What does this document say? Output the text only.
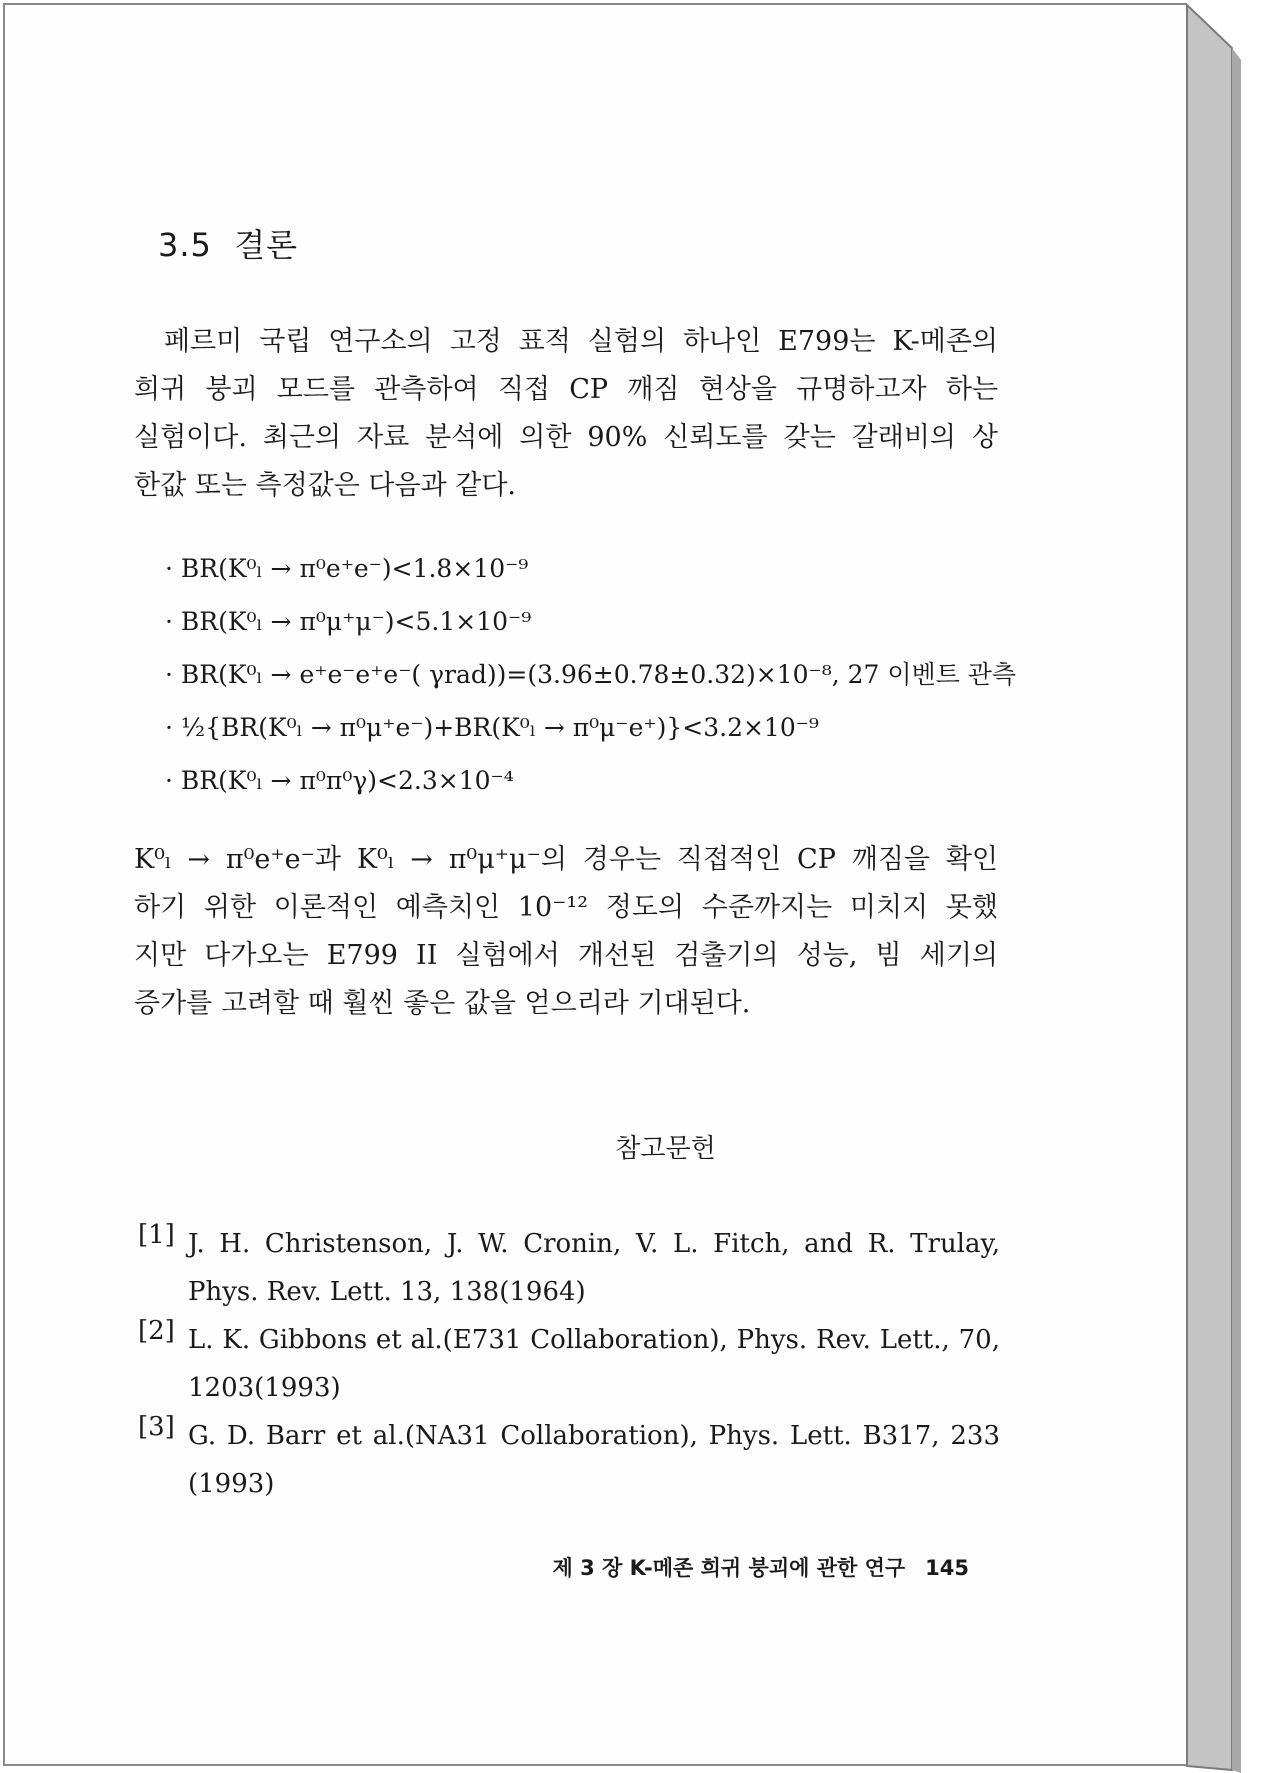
3.5 결론
페르미 국립 연구소의 고정 표적 실험의 하나인 E799는 K-메존의
희귀 붕괴 모드를 관측하여 직접 CP 깨짐 현상을 규명하고자 하는
실험이다. 최근의 자료 분석에 의한 90% 신뢰도를 갖는 갈래비의 상
한값 또는 측정값은 다음과 같다.
· BR(K⁰ₗ → π⁰e⁺e⁻)<1.8×10⁻⁹
· BR(K⁰ₗ → π⁰μ⁺μ⁻)<5.1×10⁻⁹
· BR(K⁰ₗ → e⁺e⁻e⁺e⁻( γrad))=(3.96±0.78±0.32)×10⁻⁸, 27 이벤트 관측
· ½{BR(K⁰ₗ → π⁰μ⁺e⁻)+BR(K⁰ₗ → π⁰μ⁻e⁺)}<3.2×10⁻⁹
· BR(K⁰ₗ → π⁰π⁰γ)<2.3×10⁻⁴
K⁰ₗ → π⁰e⁺e⁻과 K⁰ₗ → π⁰μ⁺μ⁻의 경우는 직접적인 CP 깨짐을 확인
하기 위한 이론적인 예측치인 10⁻¹² 정도의 수준까지는 미치지 못했
지만 다가오는 E799 II 실험에서 개선된 검출기의 성능, 빔 세기의
증가를 고려할 때 훨씬 좋은 값을 얻으리라 기대된다.
참고문헌
[1] J. H. Christenson, J. W. Cronin, V. L. Fitch, and R. Trulay,
Phys. Rev. Lett. 13, 138(1964)
[2] L. K. Gibbons et al.(E731 Collaboration), Phys. Rev. Lett., 70,
1203(1993)
[3] G. D. Barr et al.(NA31 Collaboration), Phys. Lett. B317, 233
(1993)
제 3 장 K-메존 희귀 붕괴에 관한 연구 145
